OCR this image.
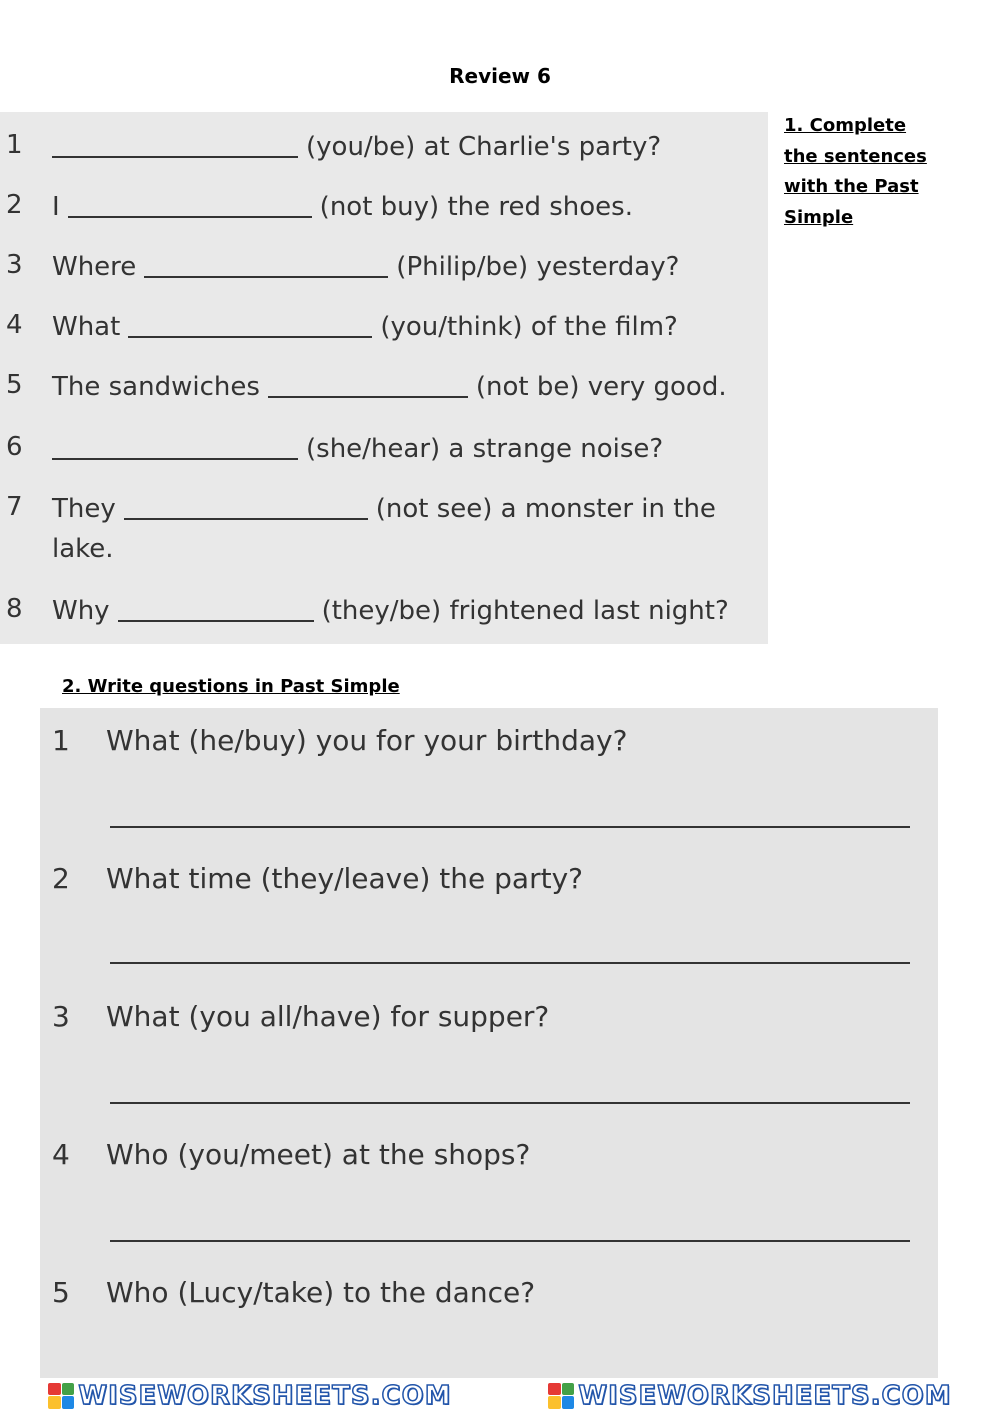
Review 6
1	(you/be) at Charlie's party?
2 I	(not buy) the red shoes.
3 Where	(Philip/be) yesterday?
4 What	(you/think) of the film?
5 The sandwiches	(not be) very good.
6	(she/hear) a strange noise?
7 They	(not see) a monster in the
lake.
8 Why	(they/be) frightened last night?
1. Complete the sentences with the Past Simple
2. Write questions in Past Simple
1 What (he/buy) you for your birthday?
2 What time (they/leave) the party?
3 What (you all/have) for supper?
4 Who (you/meet) at the shops?
5 Who (Lucy/take) to the dance?
WISEWORKSHEETS.COM	WISEWORKSHEETS.COM
